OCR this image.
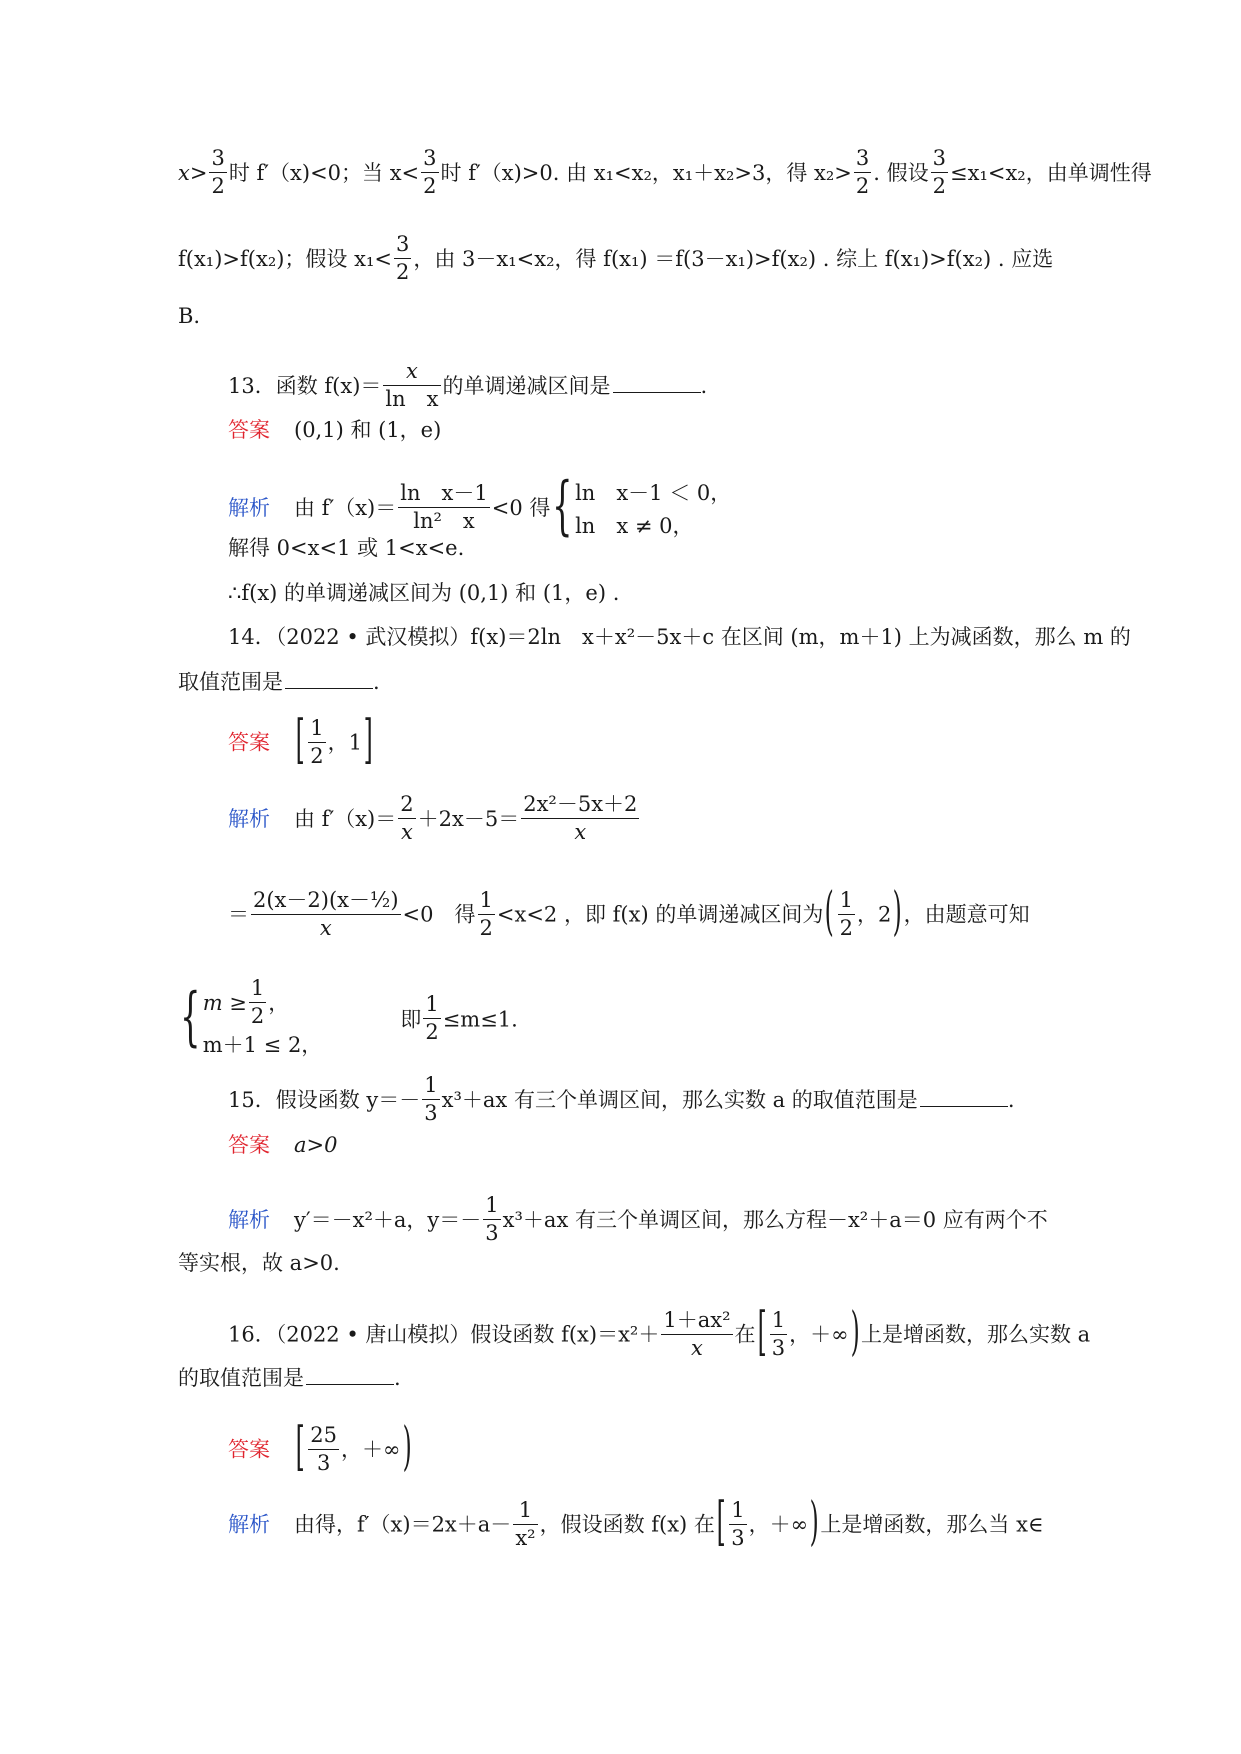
$x> \frac{3}{2}$ 时 f′（x)<0；当 $x< \frac{3}{2}$ 时 f′（x)>0. 由 x₁<x₂，x₁＋x₂>3，得 $x_2> \frac{3}{2}$ . 假设 $\frac{3}{2} \le x_1<x_2$，由单调性得
f(x₁)>f(x₂)；假设 $x_1< \frac{3}{2}$ ，由 3－x₁<x₂，得 f(x₁) ＝f(3－x₁)>f(x₂) . 综上 f(x₁)>f(x₂) . 应选
B.
13．函数 $f(x)= \frac{x}{\text{ln　x}}$ 的单调递减区间是	.
答案 (0,1) 和 (1，e)
解析 由 $f'(x)= \frac{\text{ln　x－1}}{\text{ln²　x}} <0$ 得{ ln　x－1 ＜ 0，
ln　x ≠ 0，
解得 0<x<1 或 1<x<e.
∴f(x) 的单调递减区间为 (0,1) 和 (1，e) .
14．（2022 • 武汉模拟）f(x)＝2ln　x＋x²－5x＋c 在区间 (m，m＋1) 上为减函数，那么 m 的
取值范围是	.
答案 [ $\frac{1}{2}$ ，1]
解析 由 $f'(x)= \frac{2}{x} +2x-5= \frac{\text{2x²－5x＋2}}{x}$
＝ $\frac{\text{2(x－2)(x－½)}}{x} <0$　得 $\frac{1}{2} <x<2$ ，即 f(x) 的单调递减区间为( $\frac{1}{2}$ ，2)，由题意可知
{ $m \ge \frac{1}{2}$ ，
m＋1 ≤ 2，
即 $\frac{1}{2} \le m\le 1$.
15．假设函数 $y=- \frac{1}{3} x^3+ax$ 有三个单调区间，那么实数 a 的取值范围是	.
答案 a>0
解析 y′＝－x²＋a，$y=- \frac{1}{3} x^3+ax$ 有三个单调区间，那么方程－x²＋a＝0 应有两个不
等实根，故 a>0.
16．（2022 • 唐山模拟）假设函数 $f(x)=x^2+ \frac{\text{1＋ax²}}{x}$ 在[ $\frac{1}{3}$ ，＋∞)上是增函数，那么实数 a
的取值范围是	.
答案 [ $\frac{25}{3}$ ，＋∞)
解析 由得，$f'(x)=2x+a- \frac{1}{\text{x²}}$ ，假设函数 f(x) 在[ $\frac{1}{3}$ ，＋∞)上是增函数，那么当 x∈
